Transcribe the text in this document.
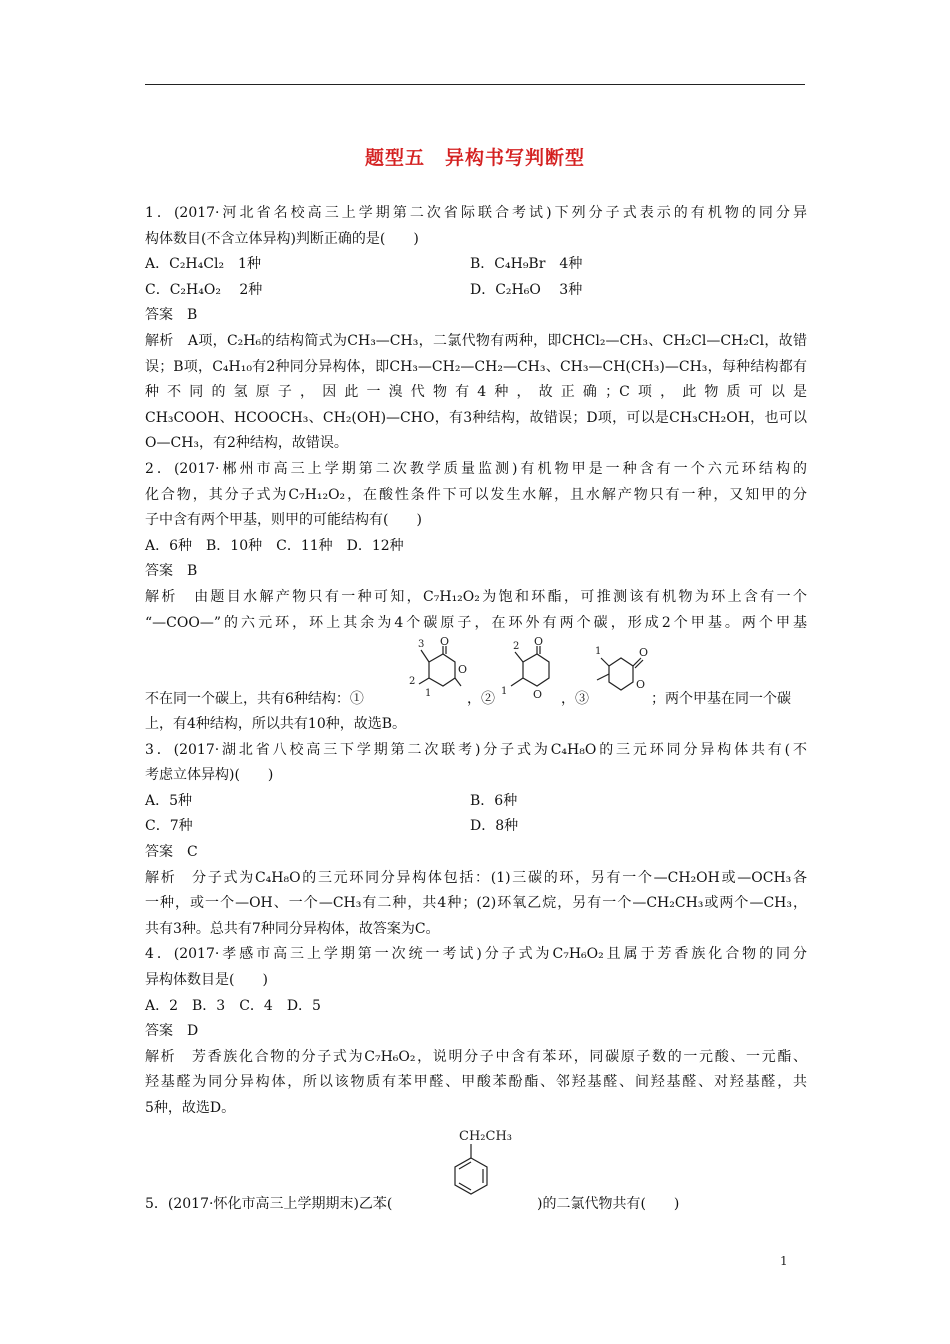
题型五　异构书写判断型
1．(2017·河北省名校高三上学期第二次省际联合考试)下列分子式表示的有机物的同分异
构体数目(不含立体异构)判断正确的是(　　)
A．C₂H₄Cl₂　1种	B．C₄H₉Br　4种
C．C₂H₄O₂　 2种	D．C₂H₆O　 3种
答案　B
解析　A项，C₂H₆的结构简式为CH₃—CH₃，二氯代物有两种，即CHCl₂—CH₃、CH₂Cl—CH₂Cl，故错
误；B项，C₄H₁₀有2种同分异构体，即CH₃—CH₂—CH₂—CH₃、CH₃—CH(CH₃)—CH₃，每种结构都有
种不同的氢原子，因此一溴代物有4种，故正确；C项，此物质可以是
CH₃COOH、HCOOCH₃、CH₂(OH)—CHO，有3种结构，故错误；D项，可以是CH₃CH₂OH，也可以
O—CH₃，有2种结构，故错误。
2．(2017·郴州市高三上学期第二次教学质量监测)有机物甲是一种含有一个六元环结构的
化合物，其分子式为C₇H₁₂O₂，在酸性条件下可以发生水解，且水解产物只有一种，又知甲的分
子中含有两个甲基，则甲的可能结构有(　　)
A．6种　B．10种　C．11种　D．12种
答案　B
解析　由题目水解产物只有一种可知，C₇H₁₂O₂为饱和环酯，可推测该有机物为环上含有一个
“—COO—”的六元环，环上其余为4个碳原子，在环外有两个碳，形成2个甲基。两个甲基
不在同一个碳上，共有6种结构：①
O
O
3
2
1	，②
O
O
2
1	，③
O
O
1
；两个甲基在同一个碳
上，有4种结构，所以共有10种，故选B。
3．(2017·湖北省八校高三下学期第二次联考)分子式为C₄H₈O的三元环同分异构体共有(不
考虑立体异构)(　　)
A．5种	B．6种
C．7种	D．8种
答案　C
解析　分子式为C₄H₈O的三元环同分异构体包括：(1)三碳的环，另有一个—CH₂OH或—OCH₃各
一种，或一个—OH、一个—CH₃有二种，共4种；(2)环氧乙烷，另有一个—CH₂CH₃或两个—CH₃，
共有3种。总共有7种同分异构体，故答案为C。
4．(2017·孝感市高三上学期第一次统一考试)分子式为C₇H₆O₂且属于芳香族化合物的同分
异构体数目是(　　)
A．2　B．3　C．4　D．5
答案　D
解析　芳香族化合物的分子式为C₇H₆O₂，说明分子中含有苯环，同碳原子数的一元酸、一元酯、
羟基醛为同分异构体，所以该物质有苯甲醛、甲酸苯酚酯、邻羟基醛、间羟基醛、对羟基醛，共
5种，故选D。
5．(2017·怀化市高三上学期期末)乙苯(
CH₂CH₃
)的二氯代物共有(　　)
1
